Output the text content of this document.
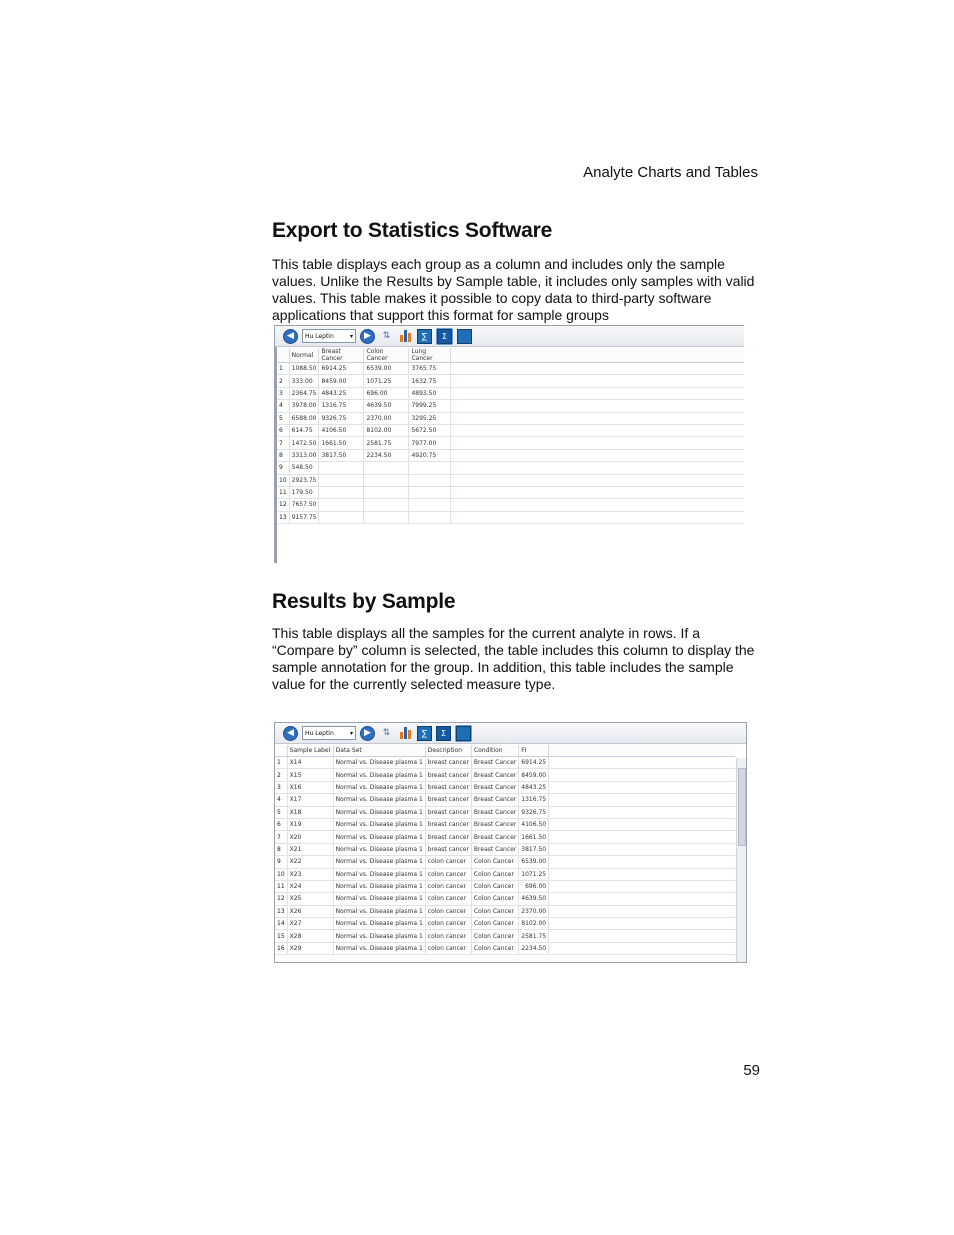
Analyte Charts and Tables
Export to Statistics Software

This table displays each group as a column and includes only the sample values. Unlike the Results by Sample table, it includes only samples with valid values. This table makes it possible to copy data to third-party software applications that support this format for sample groups

◀	Hu Leptin	▾	▶	⇅	∑	Σ
	Normal	Breast Cancer	Colon Cancer	Lung Cancer	
1	1088.50	6914.25	6539.00	3765.75	
2	333.00	8459.00	1071.25	1632.75	
3	2364.75	4843.25	696.00	4893.50	
4	3978.00	1316.75	4639.50	7999.25	
5	6588.00	9326.75	2370.00	3295.25	
6	614.75	4106.50	8102.00	5672.50	
7	1472.50	1661.50	2581.75	7977.00	
8	3313.00	3817.50	2234.50	4920.75	
9	548.50				
10	2923.75				
11	179.50				
12	7657.50				
13	9157.75				
Results by Sample

This table displays all the samples for the current analyte in rows. If a “Compare by” column is selected, the table includes this column to display the sample annotation for the group. In addition, this table includes the sample value for the currently selected measure type.

◀	Hu Leptin	▾	▶	⇅	∑	Σ
	Sample Label	Data Set	Description	Condition	FI	
1	X14	Normal vs. Disease plasma 1	breast cancer	Breast Cancer	6914.25	
2	X15	Normal vs. Disease plasma 1	breast cancer	Breast Cancer	8459.00	
3	X16	Normal vs. Disease plasma 1	breast cancer	Breast Cancer	4843.25	
4	X17	Normal vs. Disease plasma 1	breast cancer	Breast Cancer	1316.75	
5	X18	Normal vs. Disease plasma 1	breast cancer	Breast Cancer	9326.75	
6	X19	Normal vs. Disease plasma 1	breast cancer	Breast Cancer	4106.50	
7	X20	Normal vs. Disease plasma 1	breast cancer	Breast Cancer	1661.50	
8	X21	Normal vs. Disease plasma 1	breast cancer	Breast Cancer	3817.50	
9	X22	Normal vs. Disease plasma 1	colon cancer	Colon Cancer	6539.00	
10	X23	Normal vs. Disease plasma 1	colon cancer	Colon Cancer	1071.25	
11	X24	Normal vs. Disease plasma 1	colon cancer	Colon Cancer	696.00	
12	X25	Normal vs. Disease plasma 1	colon cancer	Colon Cancer	4639.50	
13	X26	Normal vs. Disease plasma 1	colon cancer	Colon Cancer	2370.00	
14	X27	Normal vs. Disease plasma 1	colon cancer	Colon Cancer	8102.00	
15	X28	Normal vs. Disease plasma 1	colon cancer	Colon Cancer	2581.75	
16	X29	Normal vs. Disease plasma 1	colon cancer	Colon Cancer	2234.50	
59
